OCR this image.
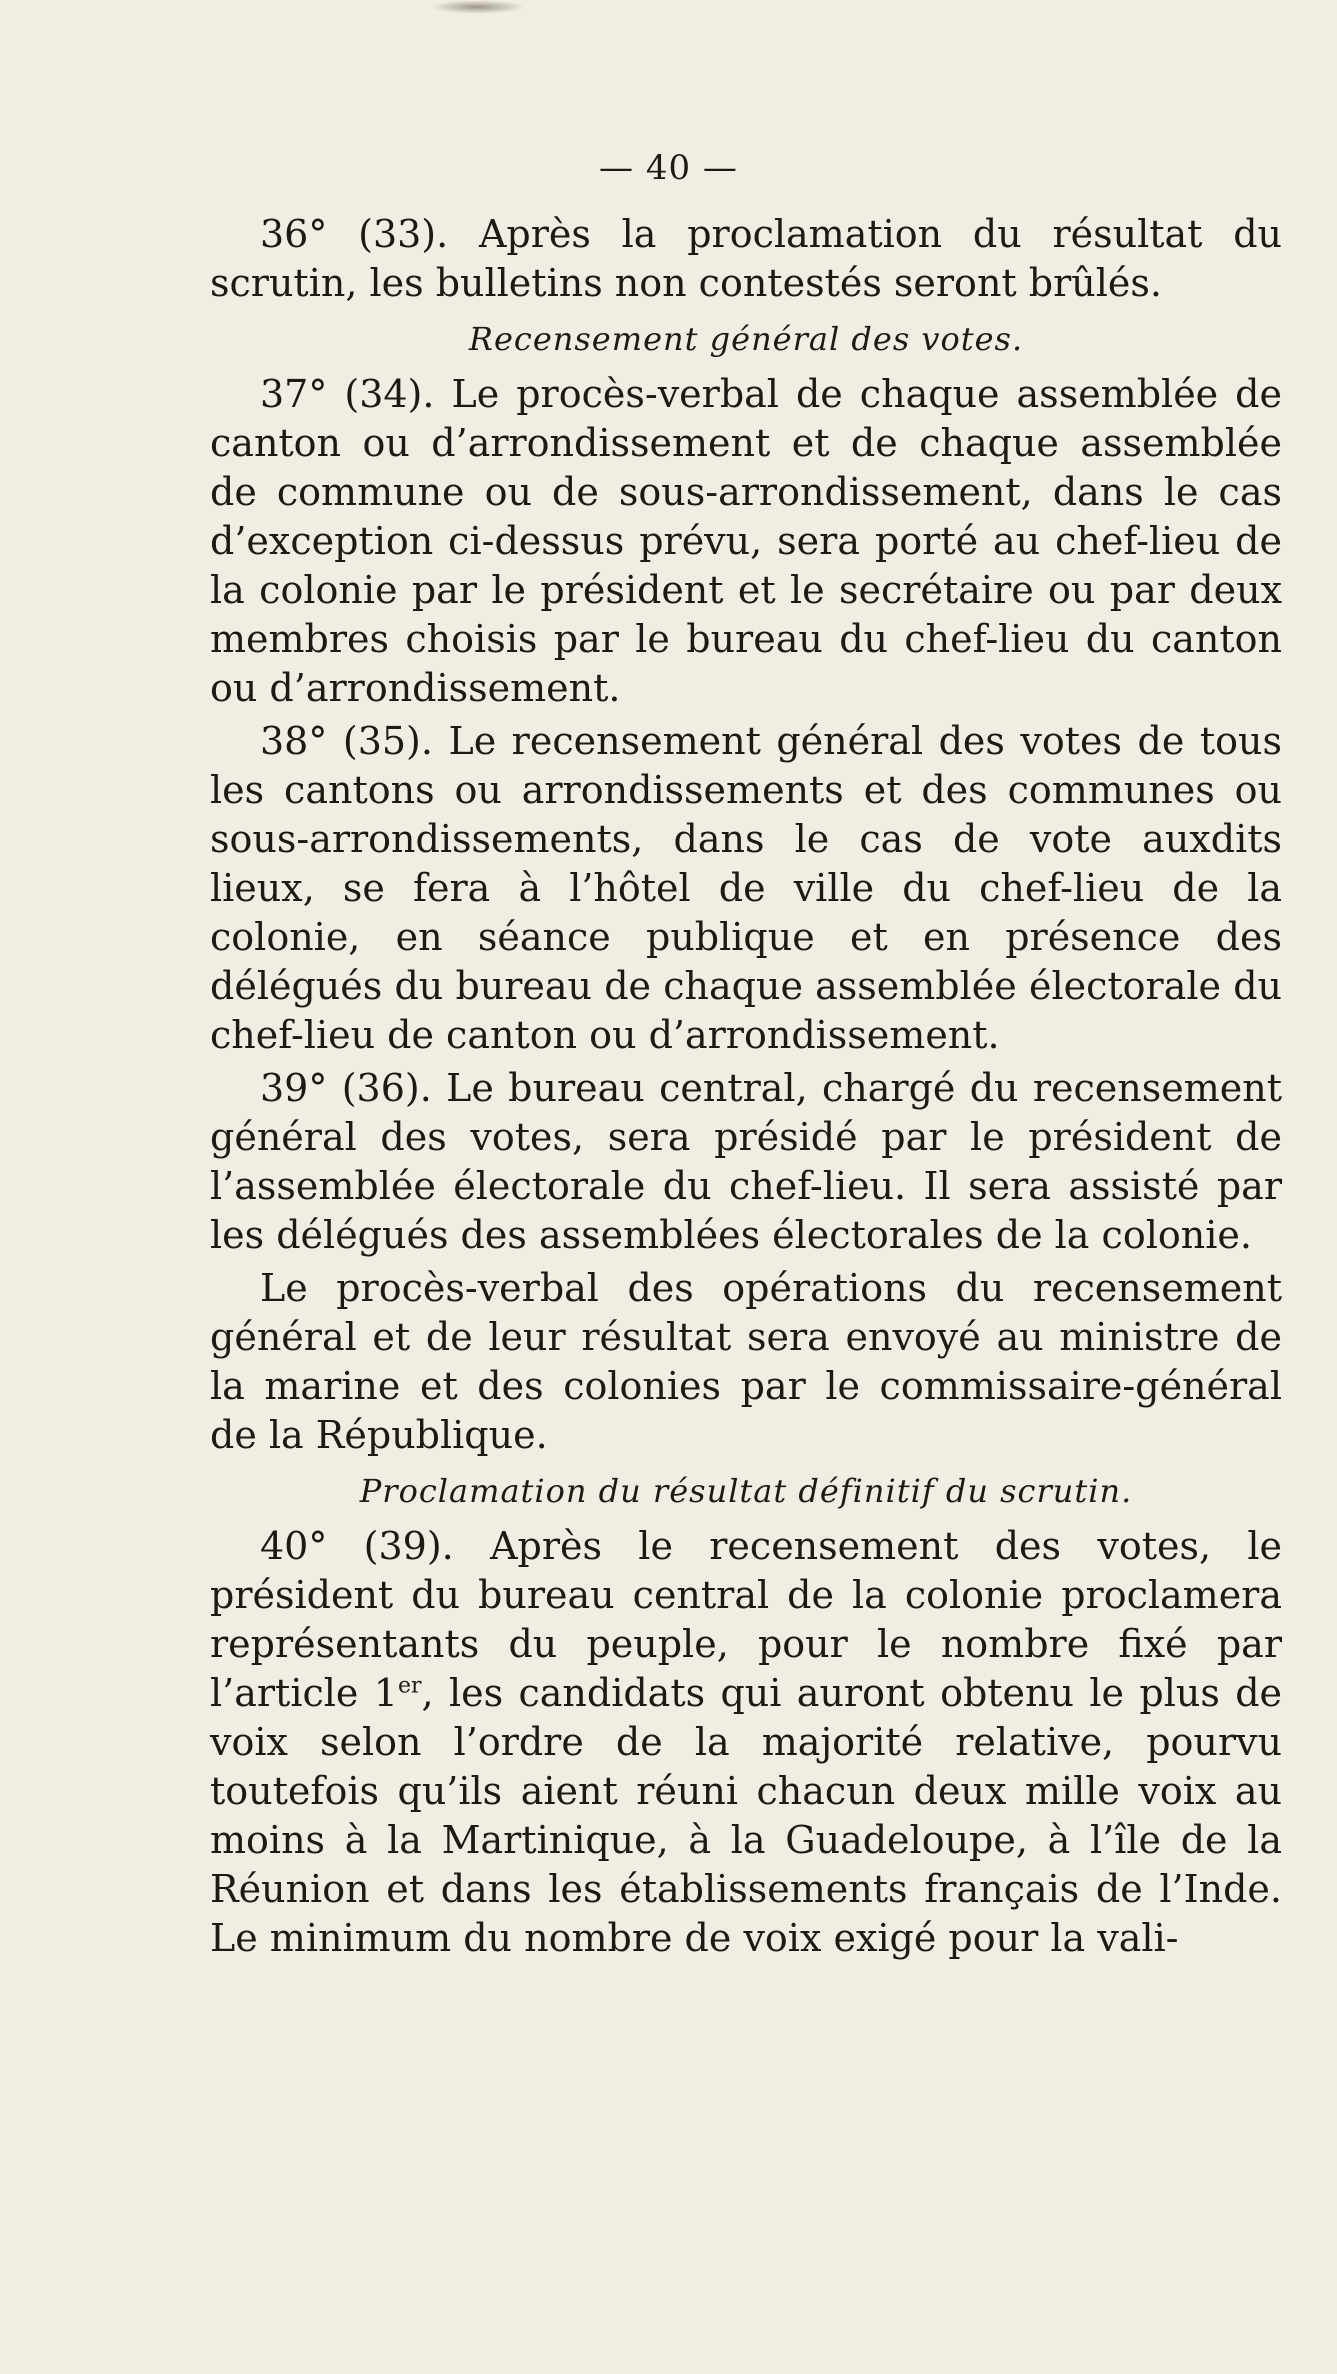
— 40 —

36° (33). Après la proclamation du résultat du scrutin, les bulletins non contestés seront brûlés.

Recensement général des votes.

37° (34). Le procès-verbal de chaque assemblée de canton ou d’arrondissement et de chaque assemblée de commune ou de sous-arrondissement, dans le cas d’exception ci-dessus prévu, sera porté au chef-lieu de la colonie par le président et le secrétaire ou par deux membres choisis par le bureau du chef-lieu du canton ou d’arrondissement.

38° (35). Le recensement général des votes de tous les cantons ou arrondissements et des communes ou sous-arrondissements, dans le cas de vote auxdits lieux, se fera à l’hôtel de ville du chef-lieu de la colonie, en séance publique et en présence des délégués du bureau de chaque assemblée électorale du chef-lieu de canton ou d’arrondissement.

39° (36). Le bureau central, chargé du recensement général des votes, sera présidé par le président de l’assemblée électorale du chef-lieu. Il sera assisté par les délégués des assemblées électorales de la colonie.

Le procès-verbal des opérations du recensement général et de leur résultat sera envoyé au ministre de la marine et des colonies par le commissaire-général de la République.

Proclamation du résultat définitif du scrutin.

40° (39). Après le recensement des votes, le président du bureau central de la colonie proclamera représentants du peuple, pour le nombre fixé par l’article 1er, les candidats qui auront obtenu le plus de voix selon l’ordre de la majorité relative, pourvu toutefois qu’ils aient réuni chacun deux mille voix au moins à la Martinique, à la Guadeloupe, à l’île de la Réunion et dans les établissements français de l’Inde. Le minimum du nombre de voix exigé pour la vali-
